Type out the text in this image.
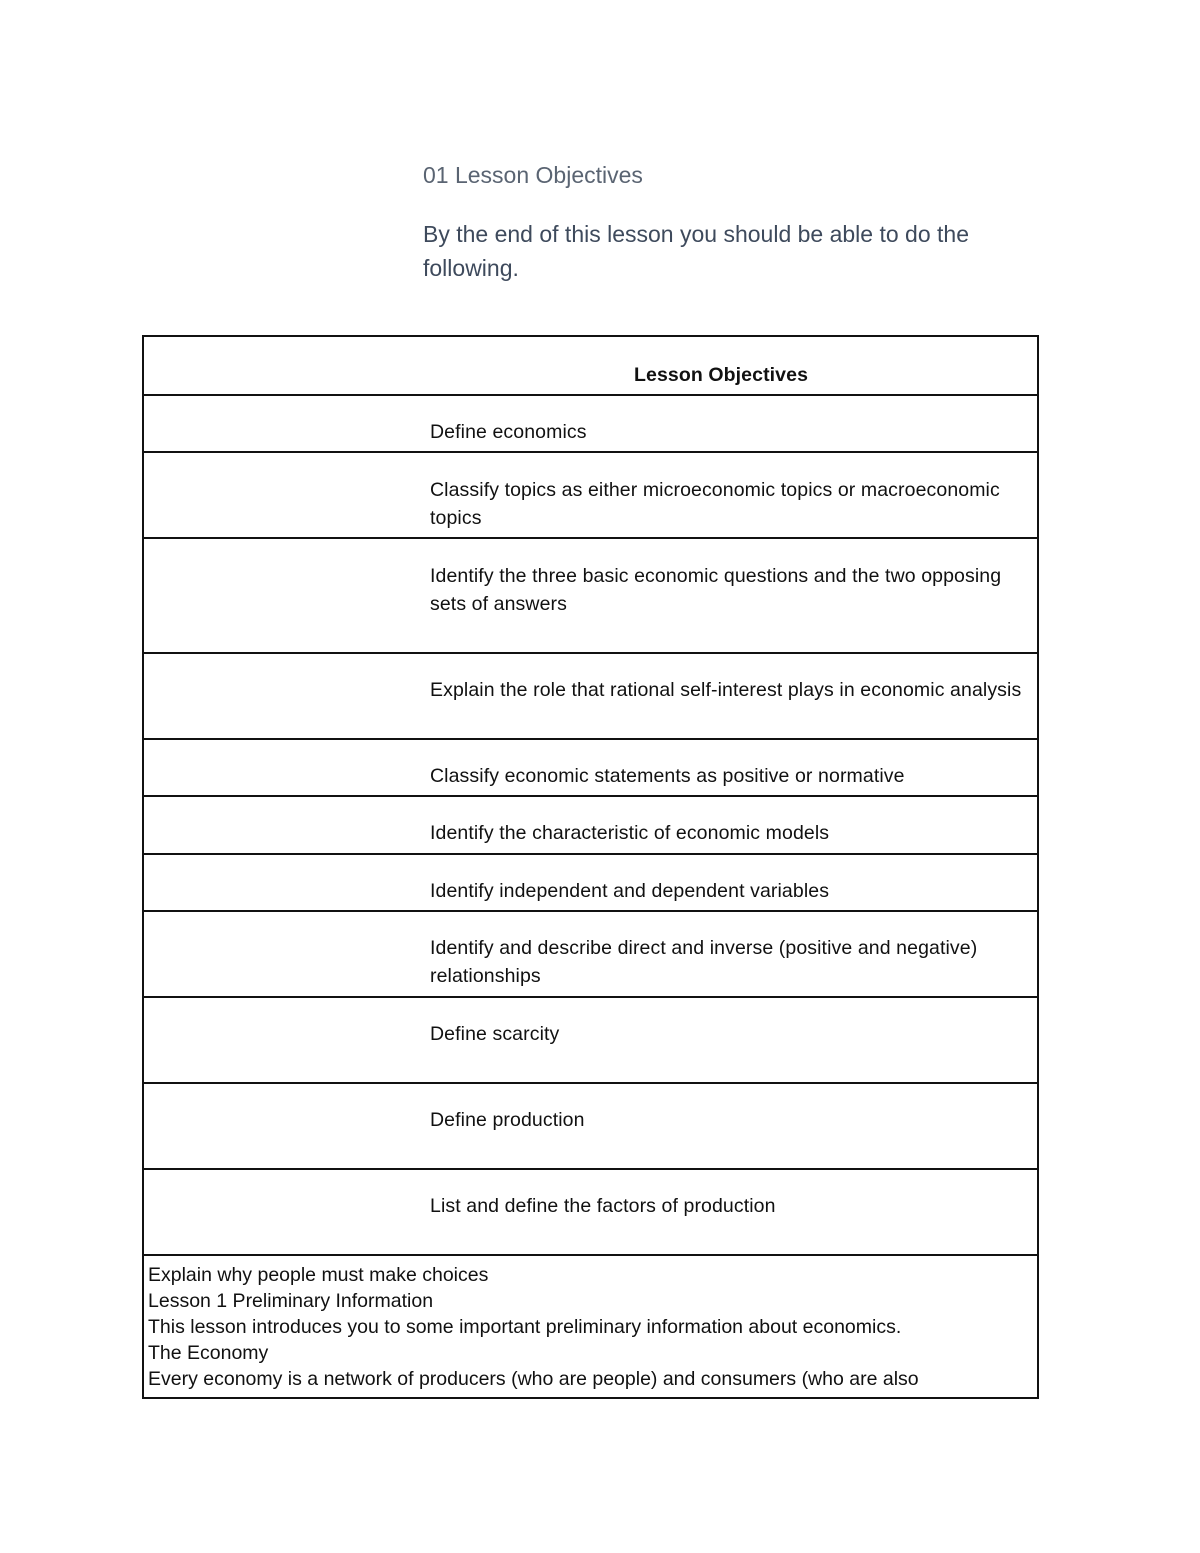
01 Lesson Objectives

By the end of this lesson you should be able to do the following.

Lesson Objectives
Define economics
Classify topics as either microeconomic topics or macroeconomic topics
Identify the three basic economic questions and the two opposing sets of answers
Explain the role that rational self-interest plays in economic analysis
Classify economic statements as positive or normative
Identify the characteristic of economic models
Identify independent and dependent variables
Identify and describe direct and inverse (positive and negative) relationships
Define scarcity
Define production
List and define the factors of production
Explain why people must make choices
Lesson 1 Preliminary Information
This lesson introduces you to some important preliminary information about economics.
The Economy
Every economy is a network of producers (who are people) and consumers (who are also
